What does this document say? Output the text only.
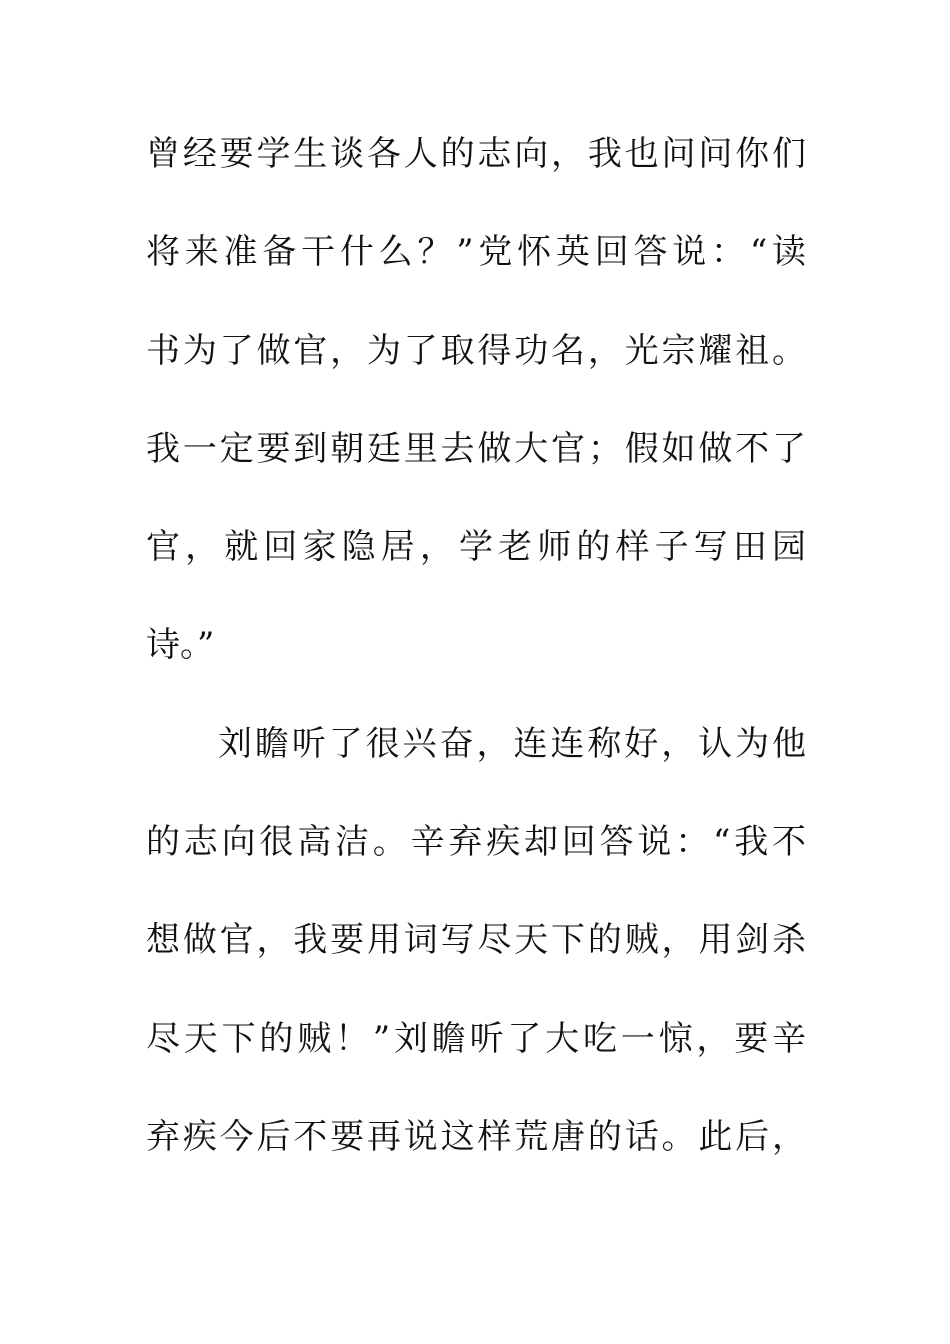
曾经要学生谈各人的志向，我也问问你们
将来准备干什么？”党怀英回答说：“读
书为了做官，为了取得功名，光宗耀祖。
我一定要到朝廷里去做大官；假如做不了
官，就回家隐居，学老师的样子写田园
诗。”
刘瞻听了很兴奋，连连称好，认为他
的志向很高洁。辛弃疾却回答说：“我不
想做官，我要用词写尽天下的贼，用剑杀
尽天下的贼！”刘瞻听了大吃一惊，要辛
弃疾今后不要再说这样荒唐的话。此后，
